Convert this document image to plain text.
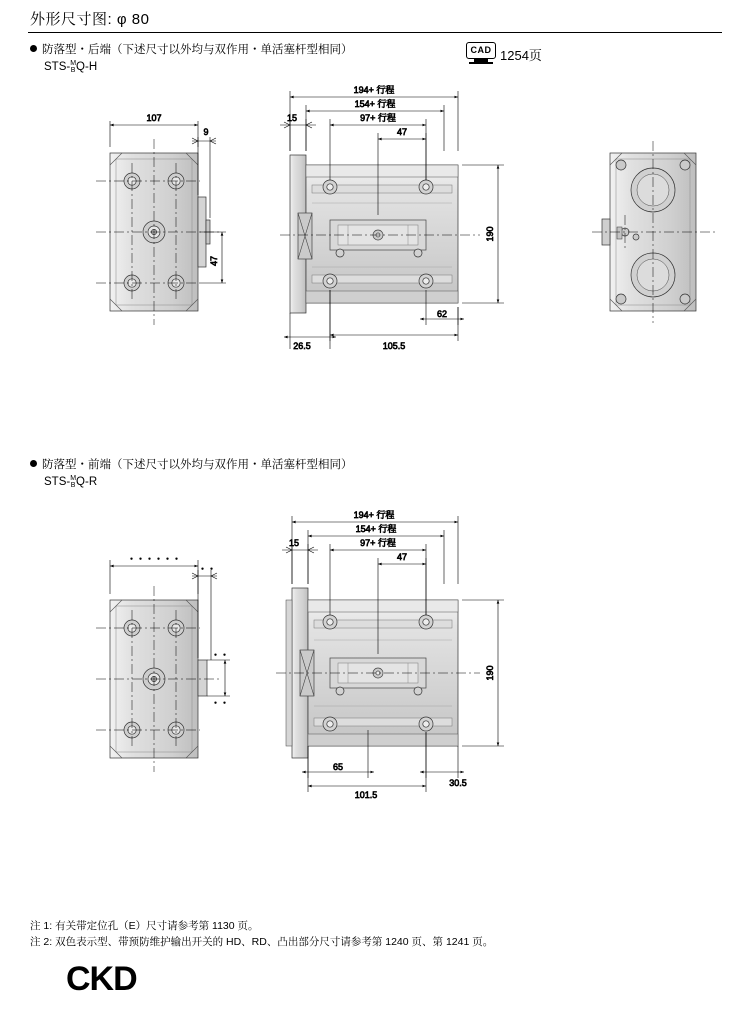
外形尺寸图: φ 80
CAD 1254页
防落型・后端（下述尺寸以外均与双作用・单活塞杆型相同）
STS- M
B Q-H
107
9
47
194+ 行程
154+ 行程
97+ 行程
15
47
190
26.5
62
105.5
防落型・前端（下述尺寸以外均与双作用・单活塞杆型相同）
STS- M
B Q-R
・・・・・・
・・
・・
・・
194+ 行程
154+ 行程
97+ 行程
15
47
190
65
101.5
30.5
注 1: 有关带定位孔（E）尺寸请参考第 1130 页。
注 2: 双色表示型、带预防维护输出开关的 HD、RD、凸出部分尺寸请参考第 1240 页、第 1241 页。
CKD
